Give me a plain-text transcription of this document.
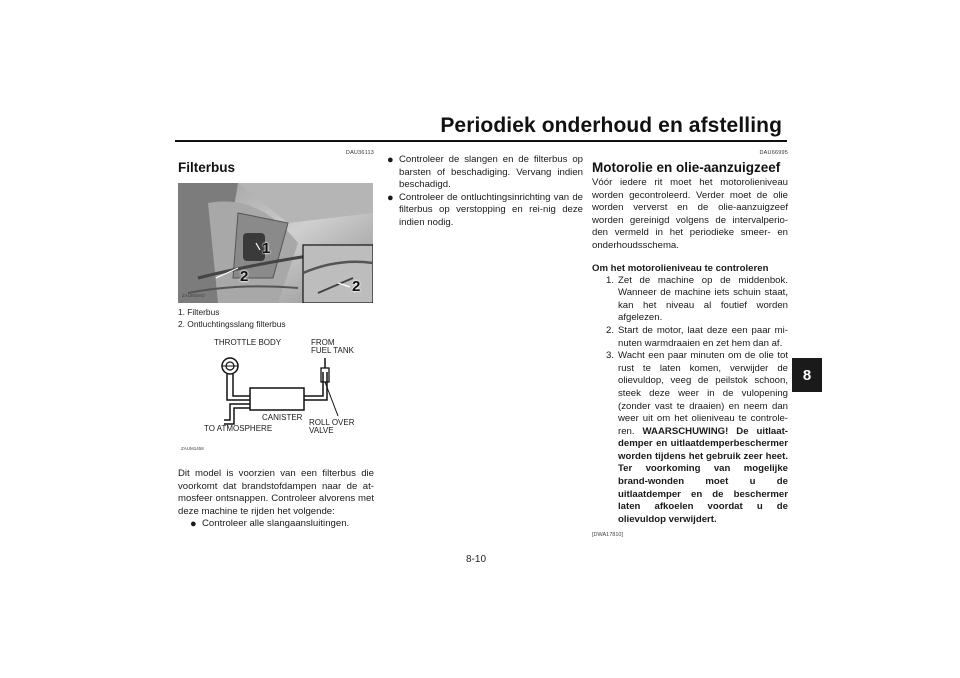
Periodiek onderhoud en afstelling
8
DAU36113
Filterbus
1
2
2
ZAUM1942
1. Filterbus
2. Ontluchtingsslang filterbus
THROTTLE BODY	FROM
FUEL TANK
CANISTER
TO ATMOSPHERE
ROLL OVER
VALVE
ZAUM1458

Dit model is voorzien van een filterbus die voorkomt dat brandstofdampen naar de at-mosfeer ontsnappen. Controleer alvorens met deze machine te rijden het volgende:

● Controleer alle slangaansluitingen.
● Controleer de slangen en de filterbus op barsten of beschadiging. Vervang indien beschadigd.
● Controleer de ontluchtingsinrichting van de filterbus op verstopping en rei-nig deze indien nodig.
DAU66995
Motorolie en olie-aanzuigzeef

Vóór iedere rit moet het motorolieniveau worden gecontroleerd. Verder moet de olie worden ververst en de olie-aanzuigzeef worden gereinigd volgens de intervalperio-den vermeld in het periodieke smeer- en onderhoudsschema.

Om het motorolieniveau te controleren
1. Zet de machine op de middenbok. Wanneer de machine iets schuin staat, kan het niveau al foutief worden afgelezen.
2. Start de motor, laat deze een paar mi-nuten warmdraaien en zet hem dan af.
3. Wacht een paar minuten om de olie tot rust te laten komen, verwijder de olievuldop, veeg de peilstok schoon, steek deze weer in de vulopening (zonder vast te draaien) en neem dan weer uit om het olieniveau te controle-ren. WAARSCHUWING! De uitlaat-demper en uitlaatdemperbeschermer worden tijdens het gebruik zeer heet. Ter voorkoming van mogelijke brand-wonden moet u de uitlaatdemper en de beschermer laten afkoelen voordat u de olievuldop verwijdert.
[DWA17810]
8-10
